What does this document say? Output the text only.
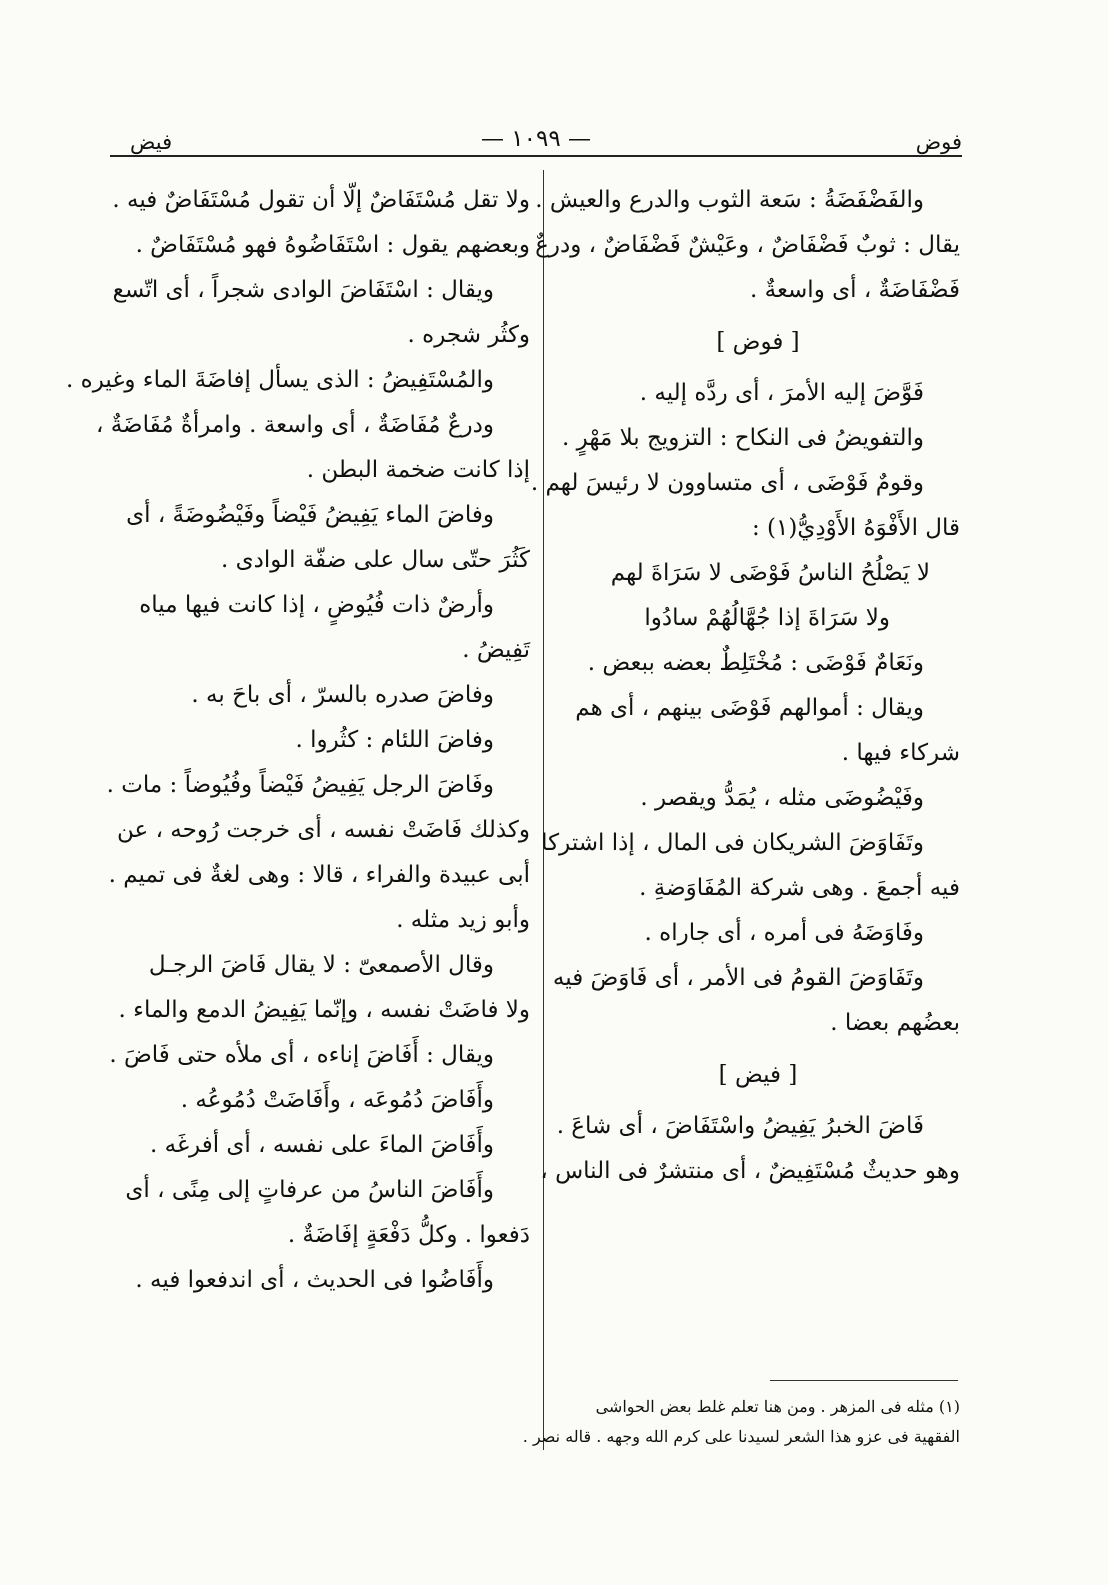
فوض
— ١٠٩٩ —
فيض
والفَضْفَضَةُ : سَعة الثوب والدرع والعيش .
يقال : ثوبٌ فَضْفَاضٌ ، وعَيْشٌ فَضْفَاضٌ ، ودرعٌ
فَضْفَاضَةٌ ، أى واسعةٌ .
[ فوض ]
فَوَّضَ إليه الأمرَ ، أى ردَّه إليه .
والتفويضُ فى النكاح : التزويج بلا مَهْرٍ .
وقومٌ فَوْضَى ، أى متساوون لا رئيسَ لهم .
قال الأَفْوَهُ الأَوْدِيُّ(١) :
لا يَصْلُحُ الناسُ فَوْضَى لا سَرَاةَ لهم
ولا سَرَاةَ إذا جُهَّالُهُمْ سادُوا
ونَعَامٌ فَوْضَى : مُخْتَلِطٌ بعضه ببعض .
ويقال : أموالهم فَوْضَى بينهم ، أى هم
شركاء فيها .
وفَيْضُوضَى مثله ، يُمَدُّ ويقصر .
وتَفَاوَضَ الشريكان فى المال ، إذا اشتركا
فيه أجمعَ . وهى شركة المُفَاوَضةِ .
وفَاوَضَهُ فى أمره ، أى جاراه .
وتَفَاوَضَ القومُ فى الأمر ، أى فَاوَضَ فيه
بعضُهم بعضا .
[ فيض ]
فَاضَ الخبرُ يَفِيضُ واسْتَفَاضَ ، أى شاعَ .
وهو حديثٌ مُسْتَفِيضٌ ، أى منتشرٌ فى الناس ،
(١) مثله فى المزهر . ومن هنا تعلم غلط بعض الحواشى
الفقهية فى عزو هذا الشعر لسيدنا على كرم الله وجهه . قاله نصر .
ولا تقل مُسْتَفَاضٌ إلّا أن تقول مُسْتَفَاضٌ فيه .
وبعضهم يقول : اسْتَفَاضُوهُ فهو مُسْتَفَاضٌ .
ويقال : اسْتَفَاضَ الوادى شجراً ، أى اتّسع
وكثُر شجره .
والمُسْتَفِيضُ : الذى يسأل إفاضَةَ الماء وغيره .
ودرعٌ مُفَاضَةٌ ، أى واسعة . وامرأةٌ مُفَاضَةٌ ،
إذا كانت ضخمة البطن .
وفاضَ الماء يَفِيضُ فَيْضاً وفَيْضُوضَةً ، أى
كَثُرَ حتّى سال على ضفّة الوادى .
وأرضٌ ذات فُيُوضٍ ، إذا كانت فيها مياه
تَفِيضُ .
وفاضَ صدره بالسرّ ، أى باحَ به .
وفاضَ اللئام : كثُروا .
وفَاضَ الرجل يَفِيضُ فَيْضاً وفُيُوضاً : مات .
وكذلك فَاضَتْ نفسه ، أى خرجت رُوحه ، عن
أبى عبيدة والفراء ، قالا : وهى لغةٌ فى تميم .
وأبو زيد مثله .
وقال الأصمعىّ : لا يقال فَاضَ الرجـل
ولا فاضَتْ نفسه ، وإنّما يَفِيضُ الدمع والماء .
ويقال : أَفَاضَ إناءه ، أى ملأه حتى فَاضَ .
وأَفَاضَ دُمُوعَه ، وأَفَاضَتْ دُمُوعُه .
وأَفَاضَ الماءَ على نفسه ، أى أفرغَه .
وأَفَاضَ الناسُ من عرفاتٍ إلى مِنًى ، أى
دَفعوا . وكلُّ دَفْعَةٍ إفَاضَةٌ .
وأَفَاضُوا فى الحديث ، أى اندفعوا فيه .
